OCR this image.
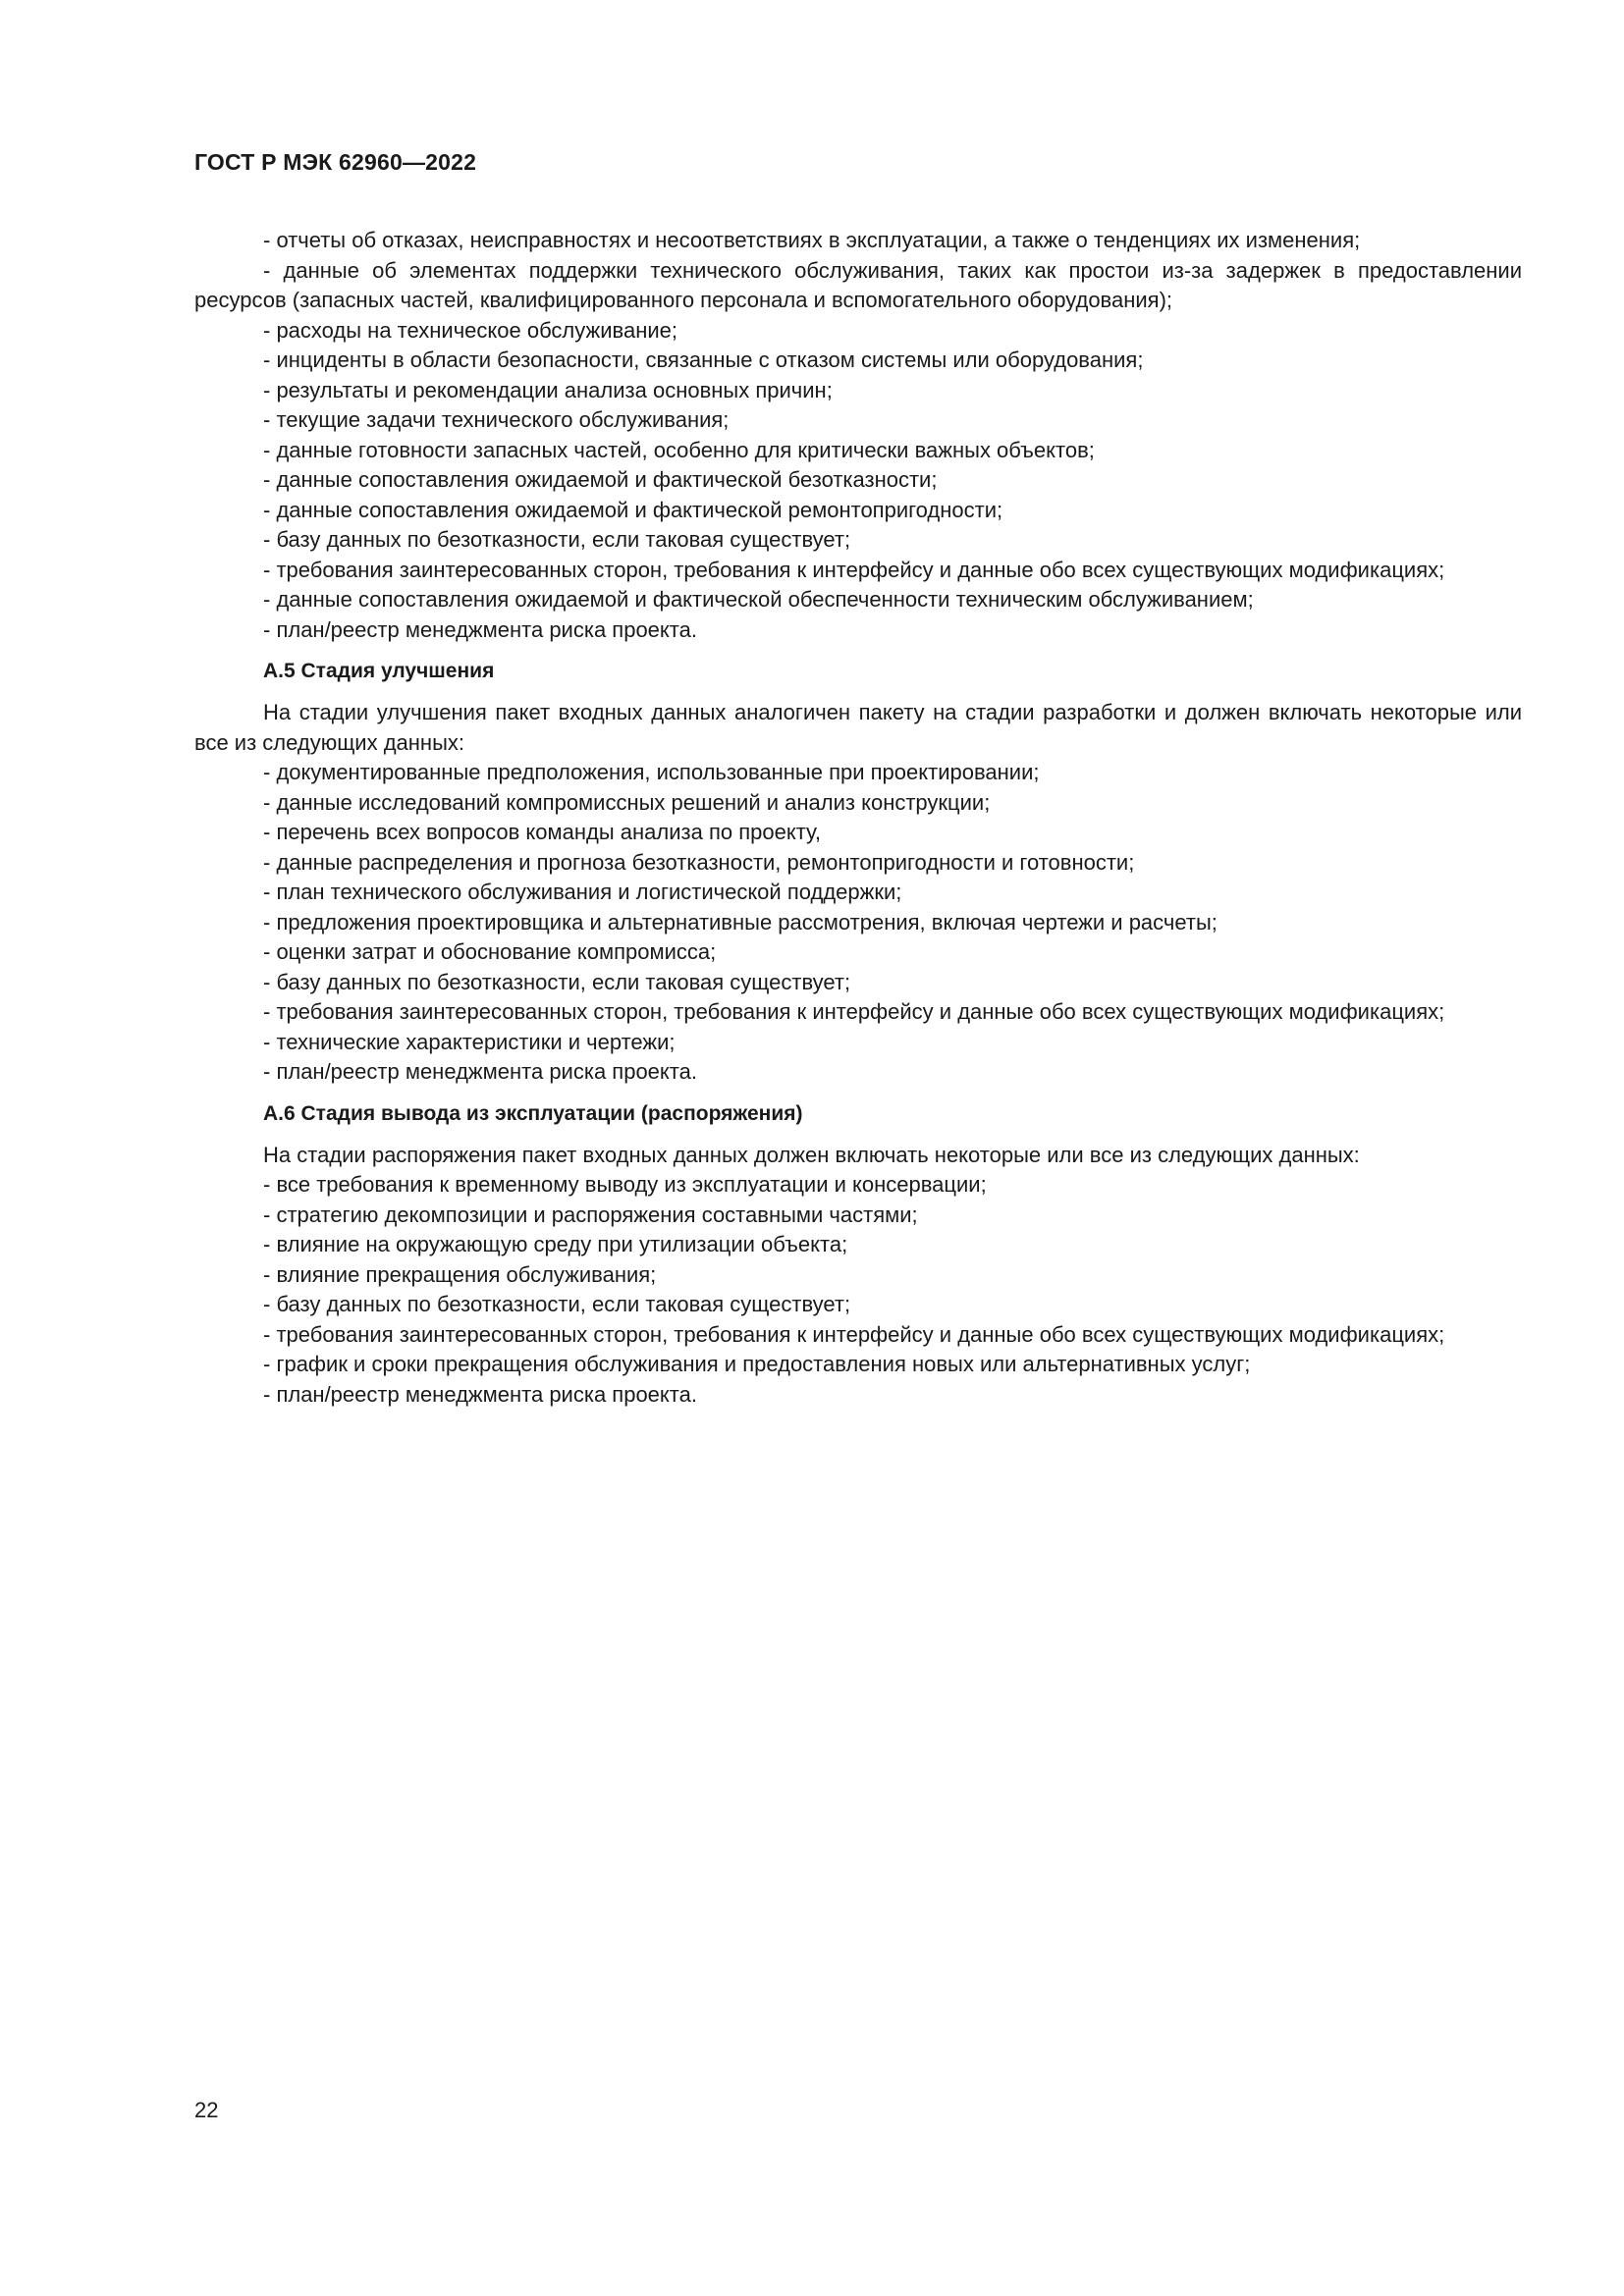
ГОСТ Р МЭК 62960—2022

- отчеты об отказах, неисправностях и несоответствиях в эксплуатации, а также о тенденциях их изменения;

- данные об элементах поддержки технического обслуживания, таких как простои из-за задержек в предоставлении ресурсов (запасных частей, квалифицированного персонала и вспомогательного оборудования);

- расходы на техническое обслуживание;

- инциденты в области безопасности, связанные с отказом системы или оборудования;

- результаты и рекомендации анализа основных причин;

- текущие задачи технического обслуживания;

- данные готовности запасных частей, особенно для критически важных объектов;

- данные сопоставления ожидаемой и фактической безотказности;

- данные сопоставления ожидаемой и фактической ремонтопригодности;

- базу данных по безотказности, если таковая существует;

- требования заинтересованных сторон, требования к интерфейсу и данные обо всех существующих модификациях;

- данные сопоставления ожидаемой и фактической обеспеченности техническим обслуживанием;

- план/реестр менеджмента риска проекта.

А.5 Стадия улучшения

На стадии улучшения пакет входных данных аналогичен пакету на стадии разработки и должен включать некоторые или все из следующих данных:

- документированные предположения, использованные при проектировании;

- данные исследований компромиссных решений и анализ конструкции;

- перечень всех вопросов команды анализа по проекту,

- данные распределения и прогноза безотказности, ремонтопригодности и готовности;

- план технического обслуживания и логистической поддержки;

- предложения проектировщика и альтернативные рассмотрения, включая чертежи и расчеты;

- оценки затрат и обоснование компромисса;

- базу данных по безотказности, если таковая существует;

- требования заинтересованных сторон, требования к интерфейсу и данные обо всех существующих модификациях;

- технические характеристики и чертежи;

- план/реестр менеджмента риска проекта.

А.6 Стадия вывода из эксплуатации (распоряжения)

На стадии распоряжения пакет входных данных должен включать некоторые или все из следующих данных:

- все требования к временному выводу из эксплуатации и консервации;

- стратегию декомпозиции и распоряжения составными частями;

- влияние на окружающую среду при утилизации объекта;

- влияние прекращения обслуживания;

- базу данных по безотказности, если таковая существует;

- требования заинтересованных сторон, требования к интерфейсу и данные обо всех существующих модификациях;

- график и сроки прекращения обслуживания и предоставления новых или альтернативных услуг;

- план/реестр менеджмента риска проекта.

22
